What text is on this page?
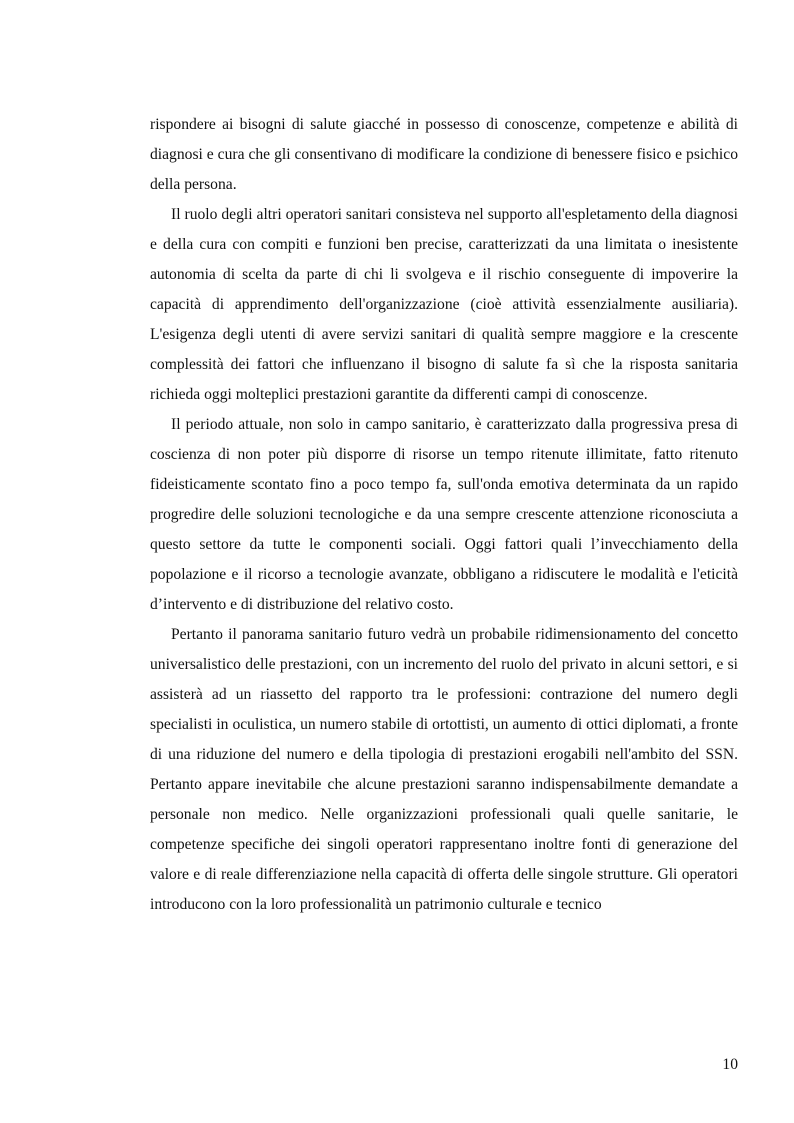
rispondere ai bisogni di salute giacché in possesso di conoscenze, competenze e abilità di diagnosi e cura che gli consentivano di modificare la condizione di benessere fisico e psichico della persona.

Il ruolo degli altri operatori sanitari consisteva nel supporto all'espletamento della diagnosi e della cura con compiti e funzioni ben precise, caratterizzati da una limitata o inesistente autonomia di scelta da parte di chi li svolgeva e il rischio conseguente di impoverire la capacità di apprendimento dell'organizzazione (cioè attività essenzialmente ausiliaria). L'esigenza degli utenti di avere servizi sanitari di qualità sempre maggiore e la crescente complessità dei fattori che influenzano il bisogno di salute fa sì che la risposta sanitaria richieda oggi molteplici prestazioni garantite da differenti campi di conoscenze.

Il periodo attuale, non solo in campo sanitario, è caratterizzato dalla progressiva presa di coscienza di non poter più disporre di risorse un tempo ritenute illimitate, fatto ritenuto fideisticamente scontato fino a poco tempo fa, sull'onda emotiva determinata da un rapido progredire delle soluzioni tecnologiche e da una sempre crescente attenzione riconosciuta a questo settore da tutte le componenti sociali. Oggi fattori quali l’invecchiamento della popolazione e il ricorso a tecnologie avanzate, obbligano a ridiscutere le modalità e l'eticità d’intervento e di distribuzione del relativo costo.

Pertanto il panorama sanitario futuro vedrà un probabile ridimensionamento del concetto universalistico delle prestazioni, con un incremento del ruolo del privato in alcuni settori, e si assisterà ad un riassetto del rapporto tra le professioni: contrazione del numero degli specialisti in oculistica, un numero stabile di ortottisti, un aumento di ottici diplomati, a fronte di una riduzione del numero e della tipologia di prestazioni erogabili nell'ambito del SSN. Pertanto appare inevitabile che alcune prestazioni saranno indispensabilmente demandate a personale non medico. Nelle organizzazioni professionali quali quelle sanitarie, le competenze specifiche dei singoli operatori rappresentano inoltre fonti di generazione del valore e di reale differenziazione nella capacità di offerta delle singole strutture. Gli operatori introducono con la loro professionalità un patrimonio culturale e tecnico

10
